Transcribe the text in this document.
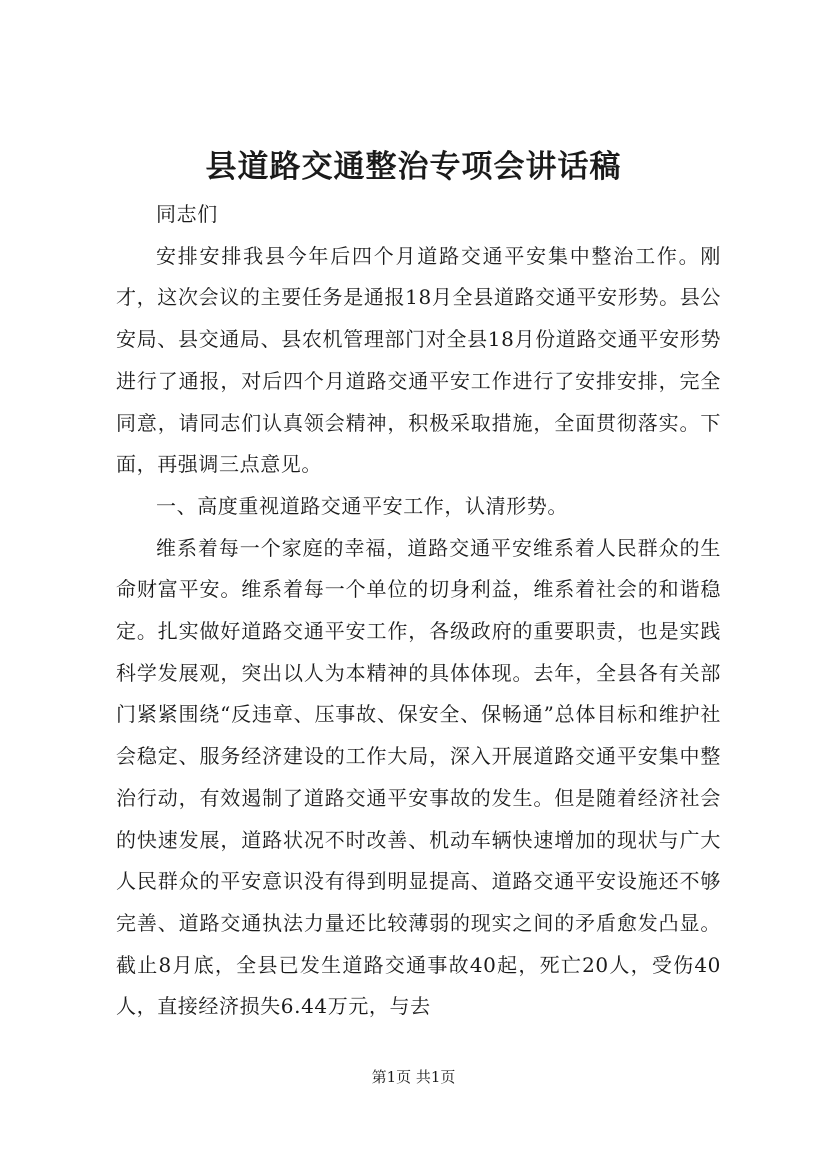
县道路交通整治专项会讲话稿

同志们

安排安排我县今年后四个月道路交通平安集中整治工作。刚才，这次会议的主要任务是通报18月全县道路交通平安形势。县公安局、县交通局、县农机管理部门对全县18月份道路交通平安形势进行了通报，对后四个月道路交通平安工作进行了安排安排，完全同意，请同志们认真领会精神，积极采取措施，全面贯彻落实。下面，再强调三点意见。

一、高度重视道路交通平安工作，认清形势。

维系着每一个家庭的幸福，道路交通平安维系着人民群众的生命财富平安。维系着每一个单位的切身利益，维系着社会的和谐稳定。扎实做好道路交通平安工作，各级政府的重要职责，也是实践科学发展观，突出以人为本精神的具体体现。去年，全县各有关部门紧紧围绕“反违章、压事故、保安全、保畅通”总体目标和维护社会稳定、服务经济建设的工作大局，深入开展道路交通平安集中整治行动，有效遏制了道路交通平安事故的发生。但是随着经济社会的快速发展，道路状况不时改善、机动车辆快速增加的现状与广大人民群众的平安意识没有得到明显提高、道路交通平安设施还不够完善、道路交通执法力量还比较薄弱的现实之间的矛盾愈发凸显。截止8月底，全县已发生道路交通事故40起，死亡20人，受伤40人，直接经济损失6.44万元，与去

第1页 共1页
